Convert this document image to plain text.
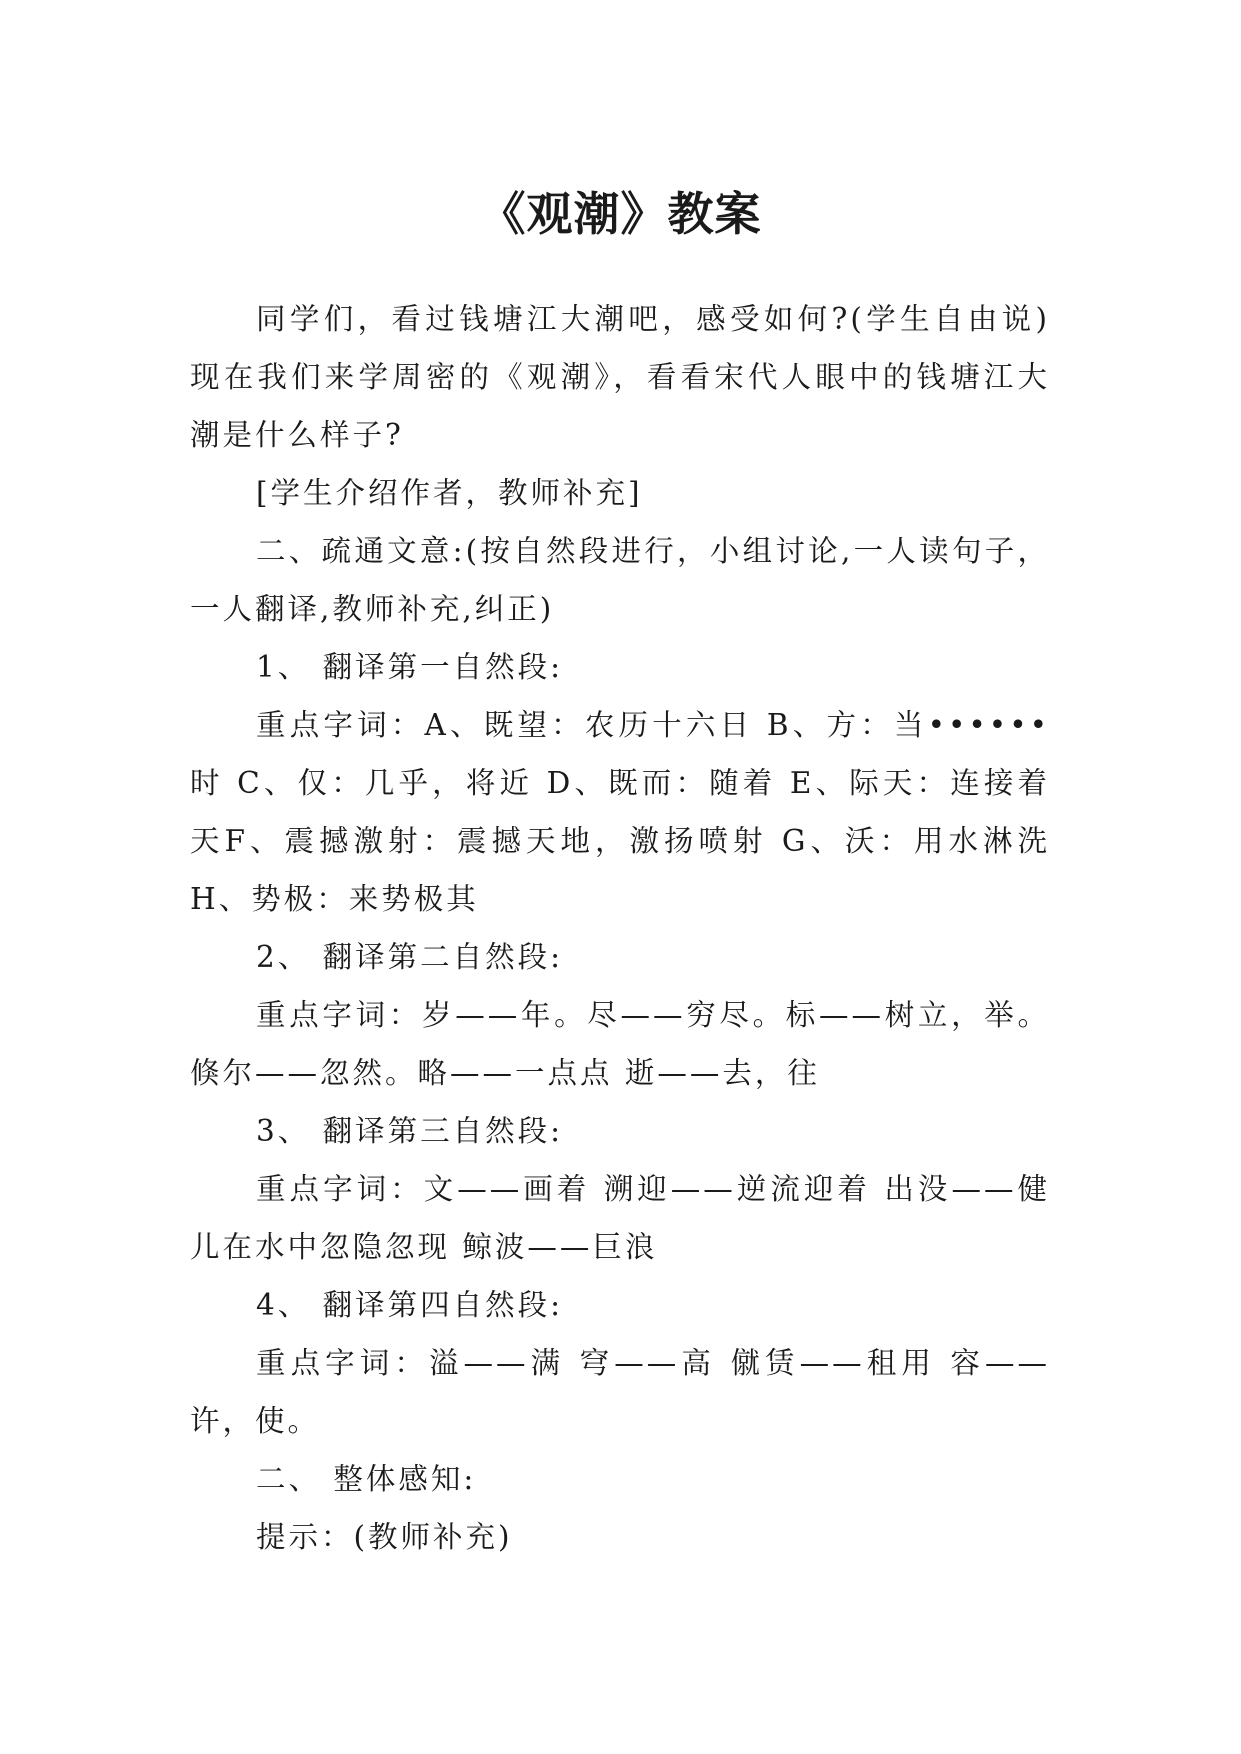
《观潮》教案

同学们，看过钱塘江大潮吧，感受如何?(学生自由说)现在我们来学周密的《观潮》，看看宋代人眼中的钱塘江大潮是什么样子?

[学生介绍作者，教师补充]

二、疏通文意:(按自然段进行，小组讨论,一人读句子，一人翻译,教师补充,纠正)

1、 翻译第一自然段:

重点字词：A、既望：农历十六日 B、方：当••••••时 C、仅：几乎，将近 D、既而：随着 E、际天：连接着天F、震撼激射：震撼天地，激扬喷射 G、沃：用水淋洗 H、势极：来势极其

2、 翻译第二自然段:

重点字词：岁——年。尽——穷尽。标——树立，举。倏尔——忽然。略——一点点 逝——去，往

3、 翻译第三自然段:

重点字词：文——画着 溯迎——逆流迎着 出没——健儿在水中忽隐忽现 鲸波——巨浪

4、 翻译第四自然段:

重点字词：溢——满 穹——高 僦赁——租用 容——许，使。

二、 整体感知:

提示：(教师补充)
